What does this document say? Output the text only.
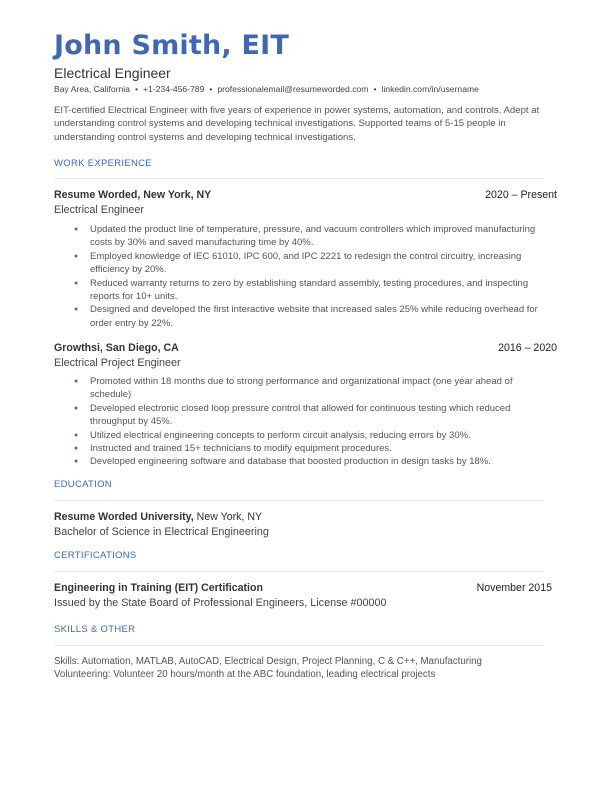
John Smith, EIT
Electrical Engineer
Bay Area, California • +1-234-456-789 • professionalemail@resumeworded.com • linkedin.com/in/username
EIT-certified Electrical Engineer with five years of experience in power systems, automation, and controls. Adept at understanding control systems and developing technical investigations. Supported teams of 5-15 people in understanding control systems and developing technical investigations.
WORK EXPERIENCE
Resume Worded, New York, NY	2020 – Present
Electrical Engineer
● Updated the product line of temperature, pressure, and vacuum controllers which improved manufacturing costs by 30% and saved manufacturing time by 40%.
● Employed knowledge of IEC 61010, IPC 600, and IPC 2221 to redesign the control circuitry, increasing efficiency by 20%.
● Reduced warranty returns to zero by establishing standard assembly, testing procedures, and inspecting reports for 10+ units.
● Designed and developed the first interactive website that increased sales 25% while reducing overhead for order entry by 22%.
Growthsi, San Diego, CA	2016 – 2020
Electrical Project Engineer
● Promoted within 18 months due to strong performance and organizational impact (one year ahead of schedule)
● Developed electronic closed loop pressure control that allowed for continuous testing which reduced throughput by 45%.
● Utilized electrical engineering concepts to perform circuit analysis, reducing errors by 30%.
● Instructed and trained 15+ technicians to modify equipment procedures.
● Developed engineering software and database that boosted production in design tasks by 18%.
EDUCATION
Resume Worded University, New York, NY
Bachelor of Science in Electrical Engineering
CERTIFICATIONS
Engineering in Training (EIT) Certification	November 2015
Issued by the State Board of Professional Engineers, License #00000
SKILLS & OTHER
Skills: Automation, MATLAB, AutoCAD, Electrical Design, Project Planning, C & C++, Manufacturing
Volunteering: Volunteer 20 hours/month at the ABC foundation, leading electrical projects
